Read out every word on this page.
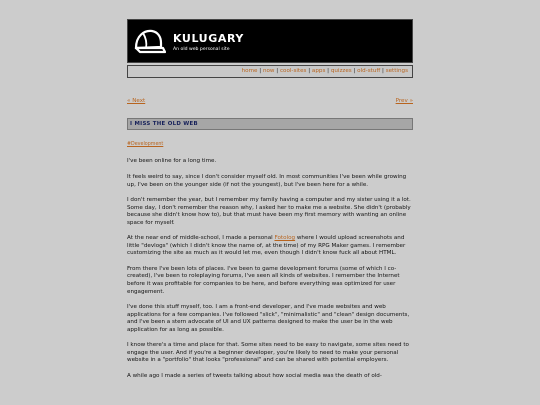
KULUGARY
An old web personal site
home | now | cool-sites | apps | quizzes | old-stuff | settings
« Next	Prev »
I MISS THE OLD WEB
#Development

I've been online for a long time.

It feels weird to say, since I don't consider myself old. In most communities I've been while growing up, I've been on the younger side (if not the youngest), but I've been here for a while.

I don't remember the year, but I remember my family having a computer and my sister using it a lot. Some day, I don't remember the reason why, I asked her to make me a website. She didn't (probably because she didn't know how to), but that must have been my first memory with wanting an online space for myself.

At the near end of middle-school, I made a personal Fotolog where I would upload screenshots and little "devlogs" (which I didn't know the name of, at the time) of my RPG Maker games. I remember customizing the site as much as it would let me, even though I didn't know fuck all about HTML.

From there I've been lots of places. I've been to game development forums (some of which I co-created), I've been to roleplaying forums, I've seen all kinds of websites. I remember the Internet before it was profitable for companies to be here, and before everything was optimized for user engagement.

I've done this stuff myself, too. I am a front-end developer, and I've made websites and web applications for a few companies. I've followed "slick", "minimalistic" and "clean" design documents, and I've been a stern advocate of UI and UX patterns designed to make the user be in the web application for as long as possible.

I know there's a time and place for that. Some sites need to be easy to navigate, some sites need to engage the user. And if you're a beginner developer, you're likely to need to make your personal website in a "portfolio" that looks "professional" and can be shared with potential employers.

A while ago I made a series of tweets talking about how social media was the death of old-
